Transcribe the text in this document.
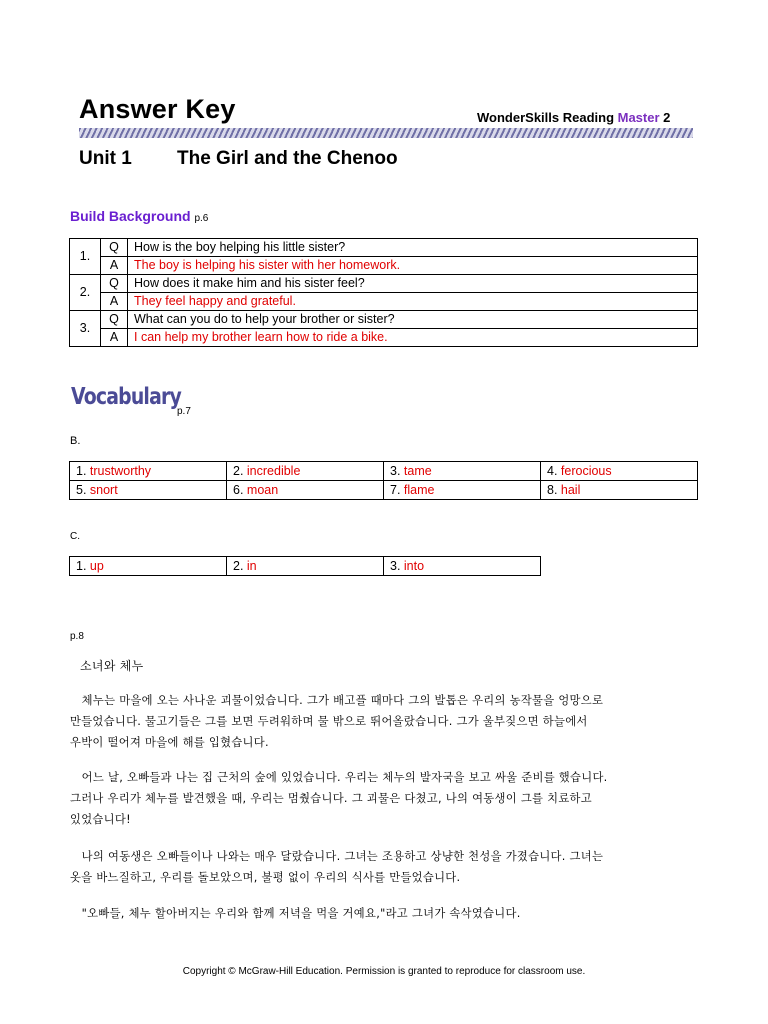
Answer Key	WonderSkills Reading Master 2
Unit 1 The Girl and the Chenoo
Build Background p.6
1.	Q	How is the boy helping his little sister?
	A	The boy is helping his sister with her homework.
2.	Q	How does it make him and his sister feel?
	A	They feel happy and grateful.
3.	Q	What can you do to help your brother or sister?
	A	I can help my brother learn how to ride a bike.
Vocabulary
p.7
B.
1. trustworthy	2. incredible	3. tame	4. ferocious
5. snort	6. moan	7. flame	8. hail
C.
1. up	2. in	3. into
p.8
소녀와 체누
체누는 마을에 오는 사나운 괴물이었습니다. 그가 배고플 때마다 그의 발톱은 우리의 농작물을 엉망으로
만들었습니다. 물고기들은 그를 보면 두려워하며 물 밖으로 뛰어올랐습니다. 그가 울부짖으면 하늘에서
우박이 떨어져 마을에 해를 입혔습니다.
어느 날, 오빠들과 나는 집 근처의 숲에 있었습니다. 우리는 체누의 발자국을 보고 싸울 준비를 했습니다.
그러나 우리가 체누를 발견했을 때, 우리는 멈췄습니다. 그 괴물은 다쳤고, 나의 여동생이 그를 치료하고
있었습니다!
나의 여동생은 오빠들이나 나와는 매우 달랐습니다. 그녀는 조용하고 상냥한 천성을 가졌습니다. 그녀는
옷을 바느질하고, 우리를 돌보았으며, 불평 없이 우리의 식사를 만들었습니다.
"오빠들, 체누 할아버지는 우리와 함께 저녁을 먹을 거예요,"라고 그녀가 속삭였습니다.
Copyright © McGraw-Hill Education. Permission is granted to reproduce for classroom use.
